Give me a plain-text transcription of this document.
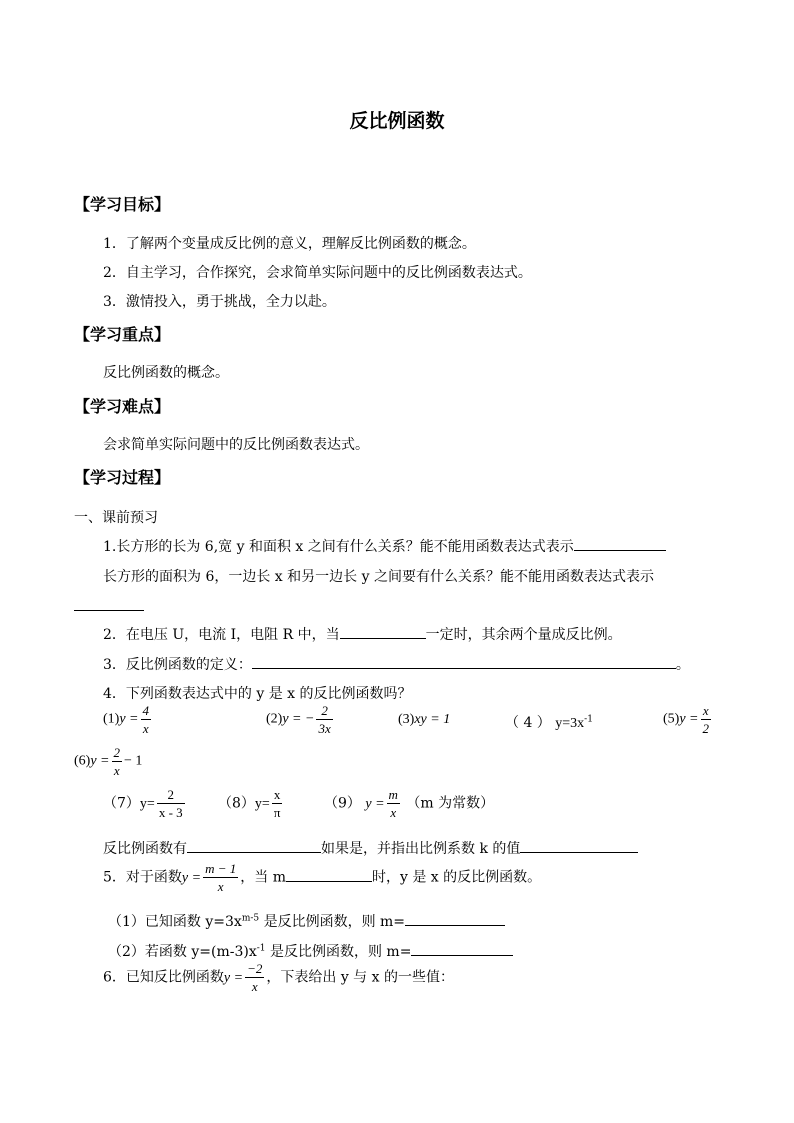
反比例函数
【学习目标】
1．了解两个变量成反比例的意义，理解反比例函数的概念。
2．自主学习，合作探究，会求简单实际问题中的反比例函数表达式。
3．激情投入，勇于挑战，全力以赴。
【学习重点】
反比例函数的概念。
【学习难点】
会求简单实际问题中的反比例函数表达式。
【学习过程】
一、课前预习
1.长方形的长为 6,宽 y 和面积 x 之间有什么关系？能不能用函数表达式表示
长方形的面积为 6，一边长 x 和另一边长 y 之间要有什么关系？能不能用函数表达式表示
2．在电压 U，电流 I，电阻 R 中，当	一定时，其余两个量成反比例。
3．反比例函数的定义：	。
4．下列函数表达式中的 y 是 x 的反比例函数吗？
$(1)y = \frac{4}{x}$	(2)y = − $\frac{2}{3x}$	(3)xy = 1	（ 4 ） $y=3x^{-1}$	$(5)y = \frac{x}{2}$
$(6)y = \frac{2}{x} - 1$
$(7)y= \frac{2}{x - 3} (8)y= \frac{x}{\pi}$	（9） $y = \frac{m}{x} (m$ 为常数）
反比例函数有	如果是，并指出比例系数 k 的值
5．对于函数$y = \frac{m - 1}{x}$ ，当 m	时，y 是 x 的反比例函数。
（1）已知函数 $y=3x^{m-5}$ 是反比例函数，则 m=
（2）若函数 $y=(m-3)x^{-1}$ 是反比例函数，则 m=
6．已知反比例函数$y = \frac{-2}{x}$ ，下表给出 y 与 x 的一些值：
